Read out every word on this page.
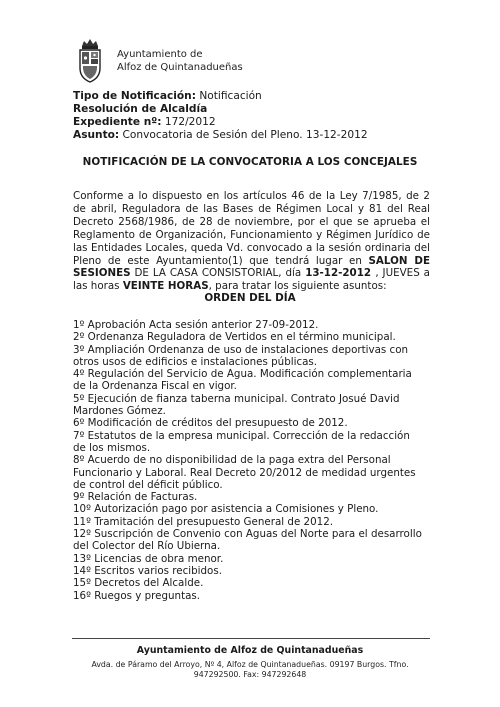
Ayuntamiento de
Alfoz de Quintanadueñas
Tipo de Notificación: Notificación
Resolución de Alcaldía
Expediente nº: 172/2012
Asunto: Convocatoria de Sesión del Pleno. 13-12-2012
NOTIFICACIÓN DE LA CONVOCATORIA A LOS CONCEJALES
Conforme a lo dispuesto en los artículos 46 de la Ley 7/1985, de 2 de abril, Reguladora de las Bases de Régimen Local y 81 del Real Decreto 2568/1986, de 28 de noviembre, por el que se aprueba el Reglamento de Organización, Funcionamiento y Régimen Jurídico de las Entidades Locales, queda Vd. convocado a la sesión ordinaria del Pleno de este Ayuntamiento(1) que tendrá lugar en SALON DE SESIONES DE LA CASA CONSISTORIAL, día 13-12-2012 , JUEVES a las horas VEINTE HORAS, para tratar los siguiente asuntos:
ORDEN DEL DÍA
1º Aprobación Acta sesión anterior 27-09-2012.
2º Ordenanza Reguladora de Vertidos en el término municipal.
3º Ampliación Ordenanza de uso de instalaciones deportivas con otros usos de edificios e instalaciones públicas.
4º Regulación del Servicio de Agua. Modificación complementaria de la Ordenanza Fiscal en vigor.
5º Ejecución de fianza taberna municipal. Contrato Josué David Mardones Gómez.
6º Modificación de créditos del presupuesto de 2012.
7º Estatutos de la empresa municipal. Corrección de la redacción de los mismos.
8º Acuerdo de no disponibilidad de la paga extra del Personal Funcionario y Laboral. Real Decreto 20/2012 de medidad urgentes de control del déficit público.
9º Relación de Facturas.
10º Autorización pago por asistencia a Comisiones y Pleno.
11º Tramitación del presupuesto General de 2012.
12º Suscripción de Convenio con Aguas del Norte para el desarrollo del Colector del Río Ubierna.
13º Licencias de obra menor.
14º Escritos varios recibidos.
15º Decretos del Alcalde.
16º Ruegos y preguntas.
Ayuntamiento de Alfoz de Quintanadueñas
Avda. de Páramo del Arroyo, Nº 4, Alfoz de Quintanadueñas. 09197 Burgos. Tfno. 947292500. Fax: 947292648
